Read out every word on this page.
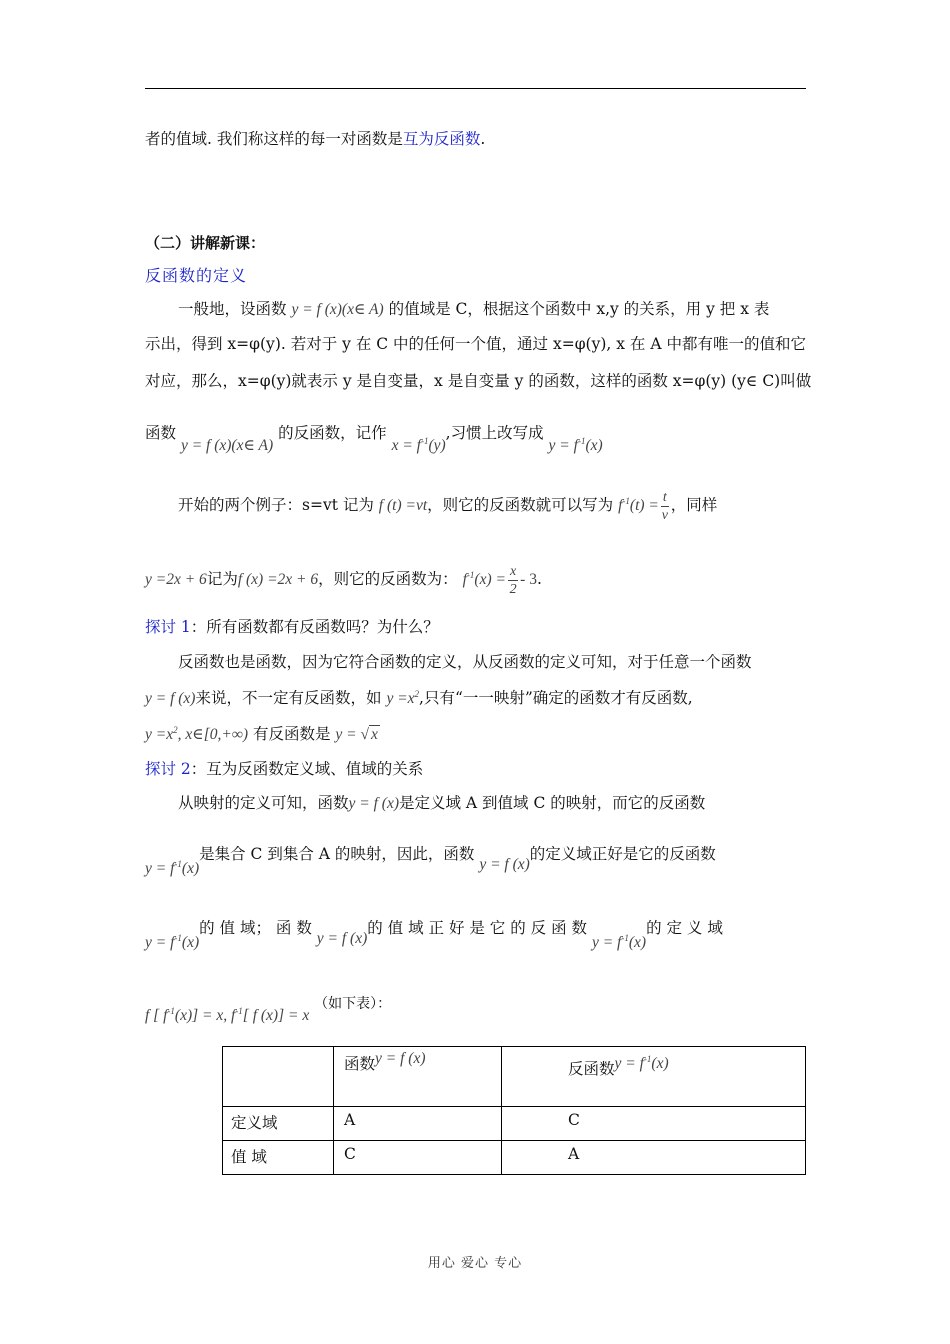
者的值域. 我们称这样的每一对函数是互为反函数.
（二）讲解新课：
反函数的定义
一般地，设函数 y = f (x)(x∈ A) 的值域是 C，根据这个函数中 x,y 的关系，用 y 把 x 表
示出，得到 x=φ(y). 若对于 y 在 C 中的任何一个值，通过 x=φ(y), x 在 A 中都有唯一的值和它
对应，那么，x=φ(y)就表示 y 是自变量，x 是自变量 y 的函数，这样的函数 x=φ(y) (y∈ C)叫做
函数 y = f (x)(x∈ A) 的反函数，记作 $x = f^{-1}(y)$,习惯上改写成 $y = f^{-1}(x)$
开始的两个例子：s=vt 记为 f (t) =vt，则它的反函数就可以写为 $f^{-1}(t) = \frac{t}{v}$ ，同样
y =2x + 6记为f (x) =2x + 6，则它的反函数为： $f^{-1}(x) = \frac{x}{2} - 3$.
探讨 1：所有函数都有反函数吗？为什么？
反函数也是函数，因为它符合函数的定义，从反函数的定义可知，对于任意一个函数
y = f (x)来说，不一定有反函数，如 $y =x^2$,只有“一一映射”确定的函数才有反函数,
$y =x^2$, x∈[0,+∞) 有反函数是 y = √ x
探讨 2：互为反函数定义域、值域的关系
从映射的定义可知，函数y = f (x)是定义域 A 到值域 C 的映射，而它的反函数
$y = f^{-1}(x)$是集合 C 到集合 A 的映射，因此，函数 y = f (x)的定义域正好是它的反函数
$y = f^{-1}(x)$的 值 域； 函 数 y = f (x)的 值 域 正 好 是 它 的 反 函 数 $y = f^{-1}(x)$的 定 义 域
f [ $f^{-1}(x)] = x$, $f^{-1}$[ f (x)] = x （如下表）：
	函数y = f (x)	反函数$y = f^{-1}(x)$
定义域	A	C
值 域	C	A
用心 爱心 专心
